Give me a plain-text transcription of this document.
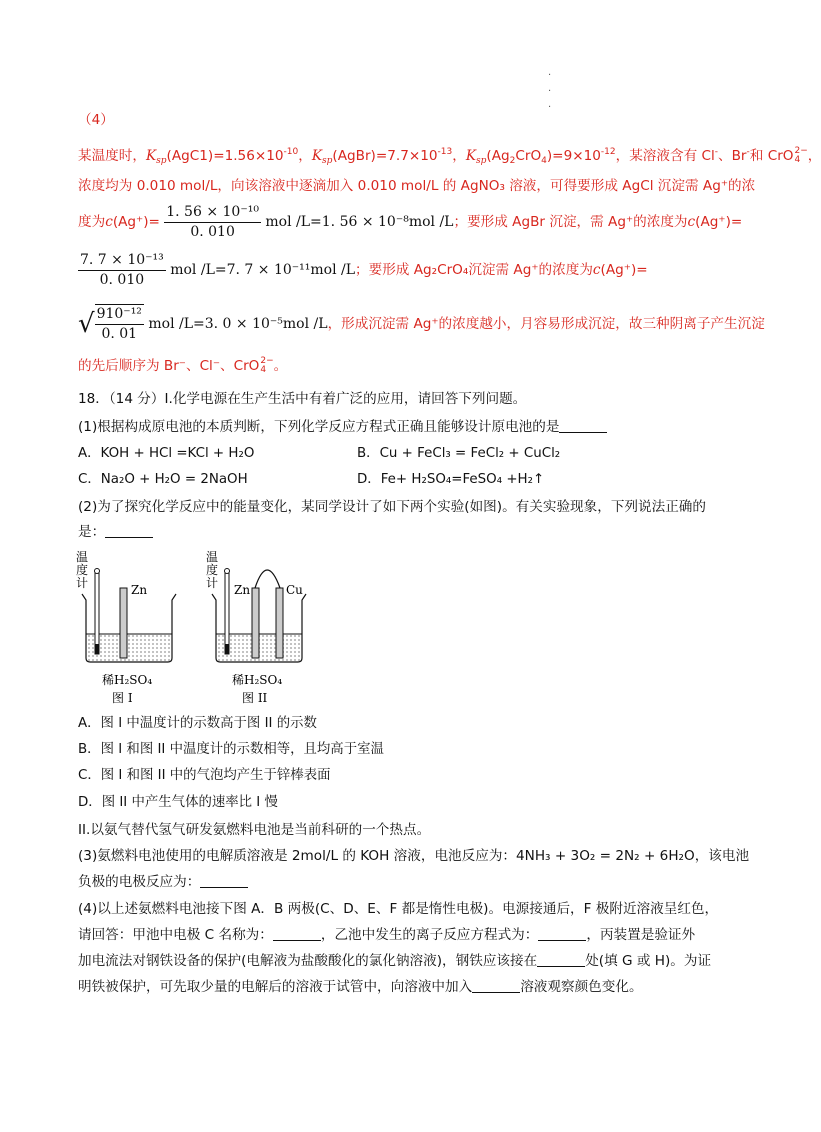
.
.
.
（4）
某温度时，$K_{sp}(AgC1)=1.56\times 10^{-10}$，$K_{sp}(AgBr)=7.7\times 10^{-13}$，$K_{sp}(Ag_2CrO_4)=9\times 10^{-12}$，某溶液含有 Cl-、Br-和 CrO 2−
4 ，
浓度均为 0.010 mol/L，向该溶液中逐滴加入 0.010 mol/L 的 AgNO₃ 溶液，可得要形成 AgCl 沉淀需 Ag⁺的浓
度为$c(Ag^+)= \frac{\text{1. 56 × 10⁻¹⁰}}{0. 010}$ mol /L=1. 56 × 10⁻⁸mol /L；要形成 AgBr 沉淀，需 Ag⁺的浓度为c(Ag⁺)=
$\frac{\text{7. 7 × 10⁻¹³}}{0. 010}$ mol /L=7. 7 × 10⁻¹¹mol /L；要形成 Ag₂CrO₄沉淀需 Ag⁺的浓度为c(Ag⁺)=
√ $\frac{\text{910⁻¹²}}{0. 01}$ mol /L=3. 0 × 10⁻⁵mol /L，形成沉淀需 Ag⁺的浓度越小，月容易形成沉淀，故三种阴离子产生沉淀
的先后顺序为 Br⁻、Cl⁻、CrO 2−
4 。
18．（14 分）I.化学电源在生产生活中有着广泛的应用，请回答下列问题。
(1)根据构成原电池的本质判断，下列化学反应方程式正确且能够设计原电池的是
A．KOH + HCl =KCl + H₂O	B．Cu + FeCl₃ = FeCl₂ + CuCl₂
C．Na₂O + H₂O = 2NaOH	D．Fe+ H₂SO₄=FeSO₄ +H₂↑
(2)为了探究化学反应中的能量变化，某同学设计了如下两个实验(如图)。有关实验现象，下列说法正确的
是：
温
度
计	Zn
稀H₂SO₄
图 I
温
度
计 Zn	Cu
稀H₂SO₄
图 II
A．图 I 中温度计的示数高于图 II 的示数
B．图 I 和图 II 中温度计的示数相等，且均高于室温
C．图 I 和图 II 中的气泡均产生于锌棒表面
D．图 II 中产生气体的速率比 I 慢
II.以氨气替代氢气研发氨燃料电池是当前科研的一个热点。
(3)氨燃料电池使用的电解质溶液是 2mol/L 的 KOH 溶液，电池反应为：4NH₃ + 3O₂ = 2N₂ + 6H₂O，该电池
负极的电极反应为：
(4)以上述氨燃料电池接下图 A．B 两极(C、D、E、F 都是惰性电极)。电源接通后，F 极附近溶液呈红色，
请回答：甲池中电极 C 名称为：	，乙池中发生的离子反应方程式为：	，丙装置是验证外
加电流法对钢铁设备的保护(电解液为盐酸酸化的氯化钠溶液)，钢铁应该接在	处(填 G 或 H)。为证
明铁被保护，可先取少量的电解后的溶液于试管中，向溶液中加入	溶液观察颜色变化。
